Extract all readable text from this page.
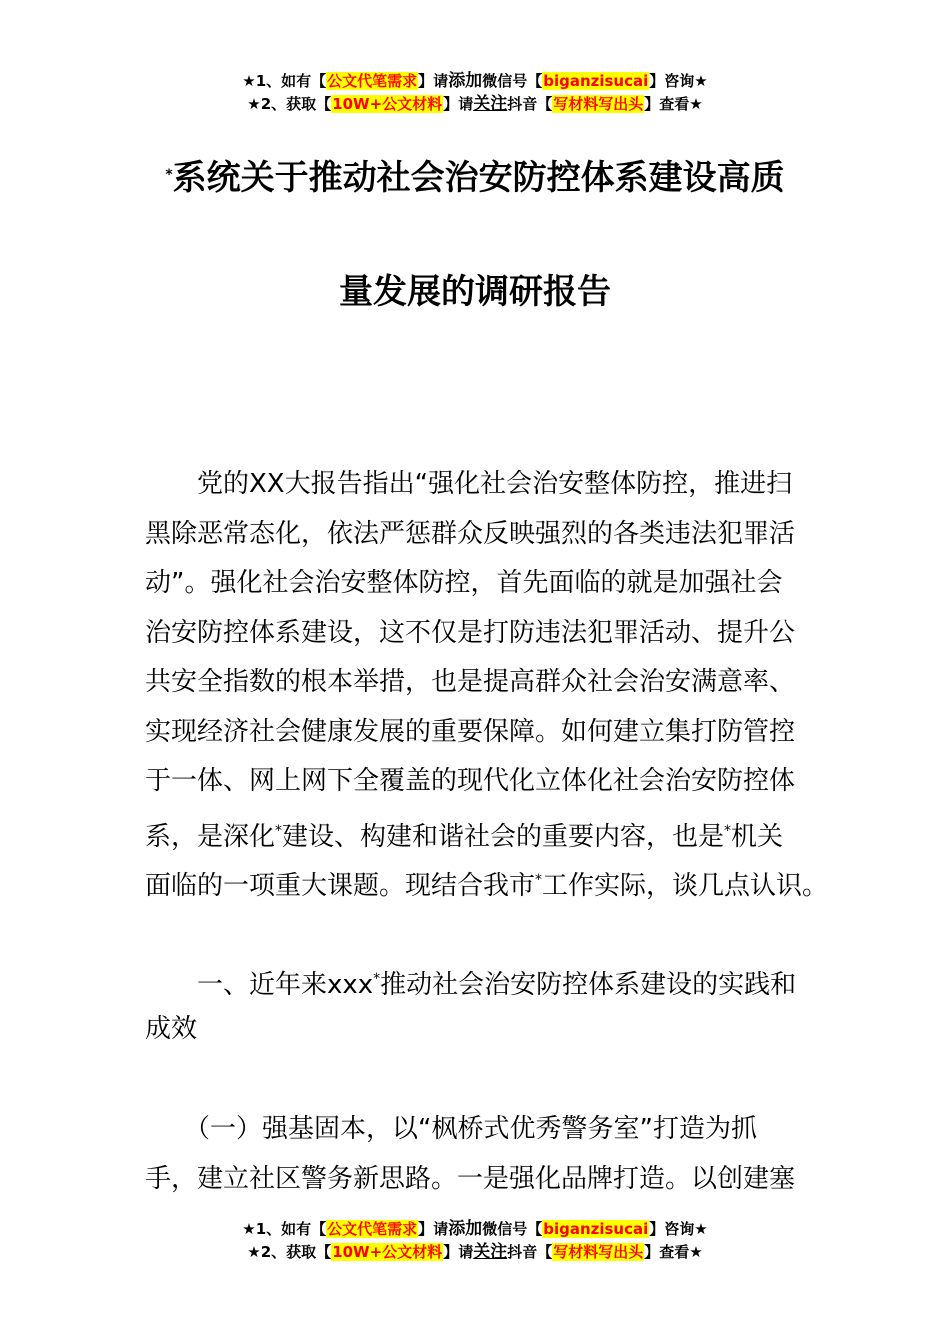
★1、如有【公文代笔需求】请添加微信号【biganzisucai】咨询★
★2、获取【10W+公文材料】请关注抖音【写材料写出头】查看★
*系统关于推动社会治安防控体系建设高质
量发展的调研报告
　　党的XX大报告指出“强化社会治安整体防控，推进扫
黑除恶常态化，依法严惩群众反映强烈的各类违法犯罪活
动”。强化社会治安整体防控，首先面临的就是加强社会
治安防控体系建设，这不仅是打防违法犯罪活动、提升公
共安全指数的根本举措，也是提高群众社会治安满意率、
实现经济社会健康发展的重要保障。如何建立集打防管控
于一体、网上网下全覆盖的现代化立体化社会治安防控体
系，是深化*建设、构建和谐社会的重要内容，也是*机关
面临的一项重大课题。现结合我市*工作实际，谈几点认识。
　　一、近年来xxx*推动社会治安防控体系建设的实践和
成效
　　（一）强基固本，以“枫桥式优秀警务室”打造为抓
手，建立社区警务新思路。一是强化品牌打造。以创建塞
★1、如有【公文代笔需求】请添加微信号【biganzisucai】咨询★
★2、获取【10W+公文材料】请关注抖音【写材料写出头】查看★
